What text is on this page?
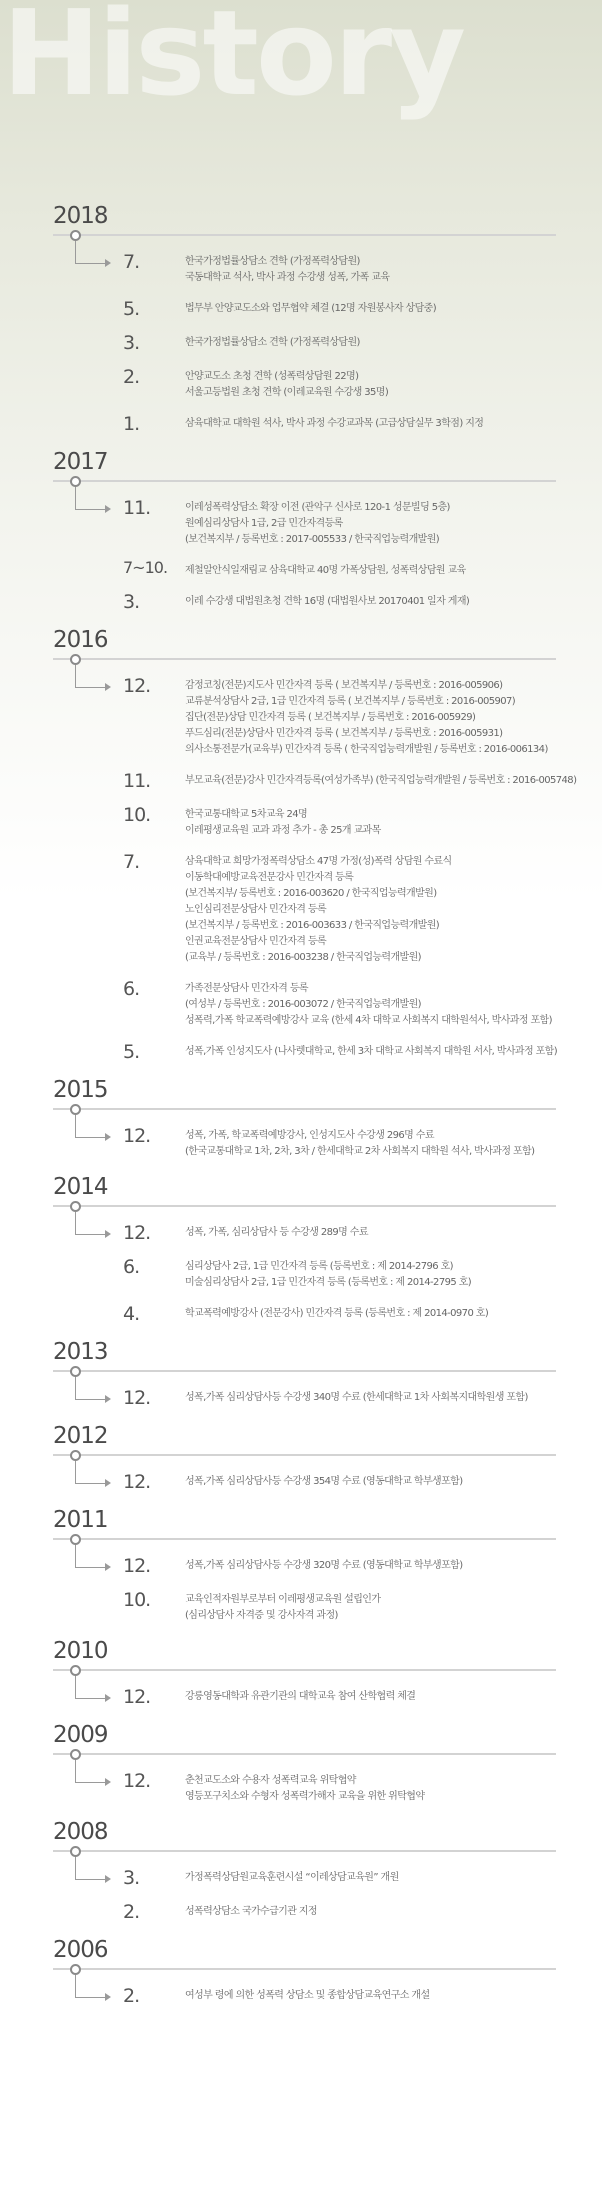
History
2018
7.	한국가정법률상담소 견학 (가정폭력상담원)
국동대학교 석사, 박사 과정 수강생 성폭, 가폭 교육
5.	법무부 안양교도소와 업무협약 체결 (12명 자원봉사자 상담중)
3.	한국가정법률상담소 견학 (가정폭력상담원)
2.	안양교도소 초청 견학 (성폭력상담원 22명)
서울고등법원 초청 견학 (이레교육원 수강생 35명)
1.	삼육대학교 대학원 석사, 박사 과정 수강교과목 (고급상담실무 3학점) 지정
2017
11.	이레성폭력상담소 확장 이전 (관악구 신사로 120-1 성문빌딩 5층)
원예심리상담사 1급, 2급 민간자격등록
(보건복지부 / 등록번호 : 2017-005533 / 한국직업능력개발원)
7~10.	제철알안식일재림교 삼육대학교 40명 가폭상담원, 성폭력상담원 교육
3.	이레 수강생 대법원초청 견학 16명 (대법원사보 20170401 일자 게재)
2016
12.	감정코칭(전문)지도사 민간자격 등록 ( 보건복지부 / 등록번호 : 2016-005906)
교류분석상담사 2급, 1급 민간자격 등록 ( 보건복지부 / 등록번호 : 2016-005907)
집단(전문)상담 민간자격 등록 ( 보건복지부 / 등록번호 : 2016-005929)
푸드심리(전문)상담사 민간자격 등록 ( 보건복지부 / 등록번호 : 2016-005931)
의사소통전문가(교육부) 민간자격 등록 ( 한국직업능력개발원 / 등록번호 : 2016-006134)
11.	부모교육(전문)강사 민간자격등록(여성가족부) (한국직업능력개발원 / 등록번호 : 2016-005748)
10.	한국교통대학교 5차교육 24명
이레평생교육원 교과 과정 추가 - 총 25개 교과목
7.	삼육대학교 희망가정폭력상담소 47명 가정(성)폭력 상담원 수료식
이동학대예방교육전문강사 민간자격 등록
(보건복지부/ 등록번호 : 2016-003620 / 한국직업능력개발원)
노인심리전문상담사 민간자격 등록
(보건복지부 / 등록번호 : 2016-003633 / 한국직업능력개발원)
인권교육전문상담사 민간자격 등록
(교육부 / 등록번호 : 2016-003238 / 한국직업능력개발원)
6.	가족전문상담사 민간자격 등록
(여성부 / 등록번호 : 2016-003072 / 한국직업능력개발원)
성폭력,가폭 학교폭력예방강사 교육 (한세 4차 대학교 사회복지 대학원석사, 박사과정 포함)
5.	성폭,가폭 인성지도사 (나사렛대학교, 한세 3차 대학교 사회복지 대학원 서사, 박사과정 포함)
2015
12.	성폭, 가폭, 학교폭력예방강사, 인성지도사 수강생 296명 수료
(한국교통대학교 1차, 2차, 3차 / 한세대학교 2차 사회복지 대학원 석사, 박사과정 포함)
2014
12.	성폭, 가폭, 심리상담사 등 수강생 289명 수료
6.	심리상담사 2급, 1급 민간자격 등록 (등록번호 : 제 2014-2796 호)
미술심리상담사 2급, 1급 민간자격 등록 (등록번호 : 제 2014-2795 호)
4.	학교폭력예방강사 (전문강사) 민간자격 등록 (등록번호 : 제 2014-0970 호)
2013
12.	성폭,가폭 심리상담사등 수강생 340명 수료 (한세대학교 1차 사회복지대학원생 포함)
2012
12.	성폭,가폭 심리상담사등 수강생 354명 수료 (영동대학교 학부생포함)
2011
12.	성폭,가폭 심리상담사등 수강생 320명 수료 (영동대학교 학부생포함)
10.	교육인적자원부로부터 이레평생교육원 설립인가
(심리상담사 자격증 및 강사자격 과정)
2010
12.	강릉영동대학과 유관기관의 대학교육 참여 산학협력 체결
2009
12.	춘천교도소와 수용자 성폭력교육 위탁협약
영등포구치소와 수형자 성폭력가해자 교육을 위한 위탁협약
2008
3.	가정폭력상담원교육훈련시설 “이레상담교육원” 개원
2.	성폭력상담소 국가수급기관 지정
2006
2.	여성부 령에 의한 성폭력 상담소 및 종합상담교육연구소 개설
